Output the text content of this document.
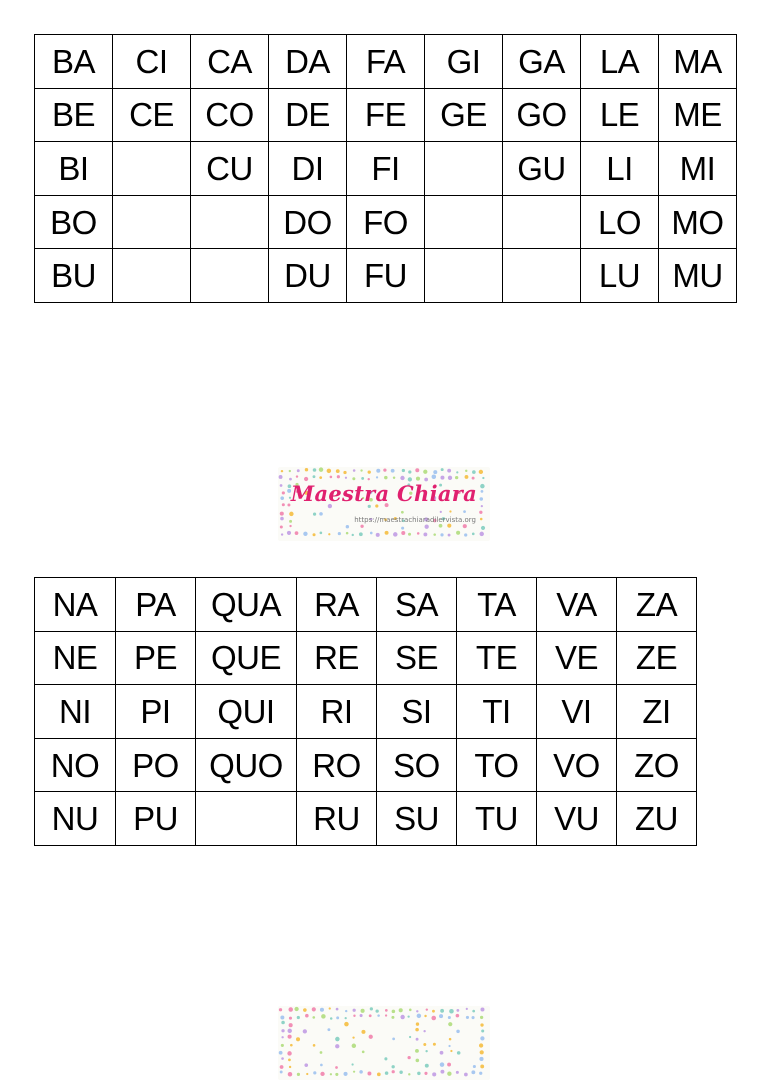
BA	CI	CA	DA	FA	GI	GA	LA	MA
BE	CE	CO	DE	FE	GE	GO	LE	ME
BI		CU	DI	FI		GU	LI	MI
BO			DO	FO			LO	MO
BU			DU	FU			LU	MU
Maestra Chiara
https://maestrachiaradilervista.org
NA	PA	QUA	RA	SA	TA	VA	ZA
NE	PE	QUE	RE	SE	TE	VE	ZE
NI	PI	QUI	RI	SI	TI	VI	ZI
NO	PO	QUO	RO	SO	TO	VO	ZO
NU	PU		RU	SU	TU	VU	ZU
